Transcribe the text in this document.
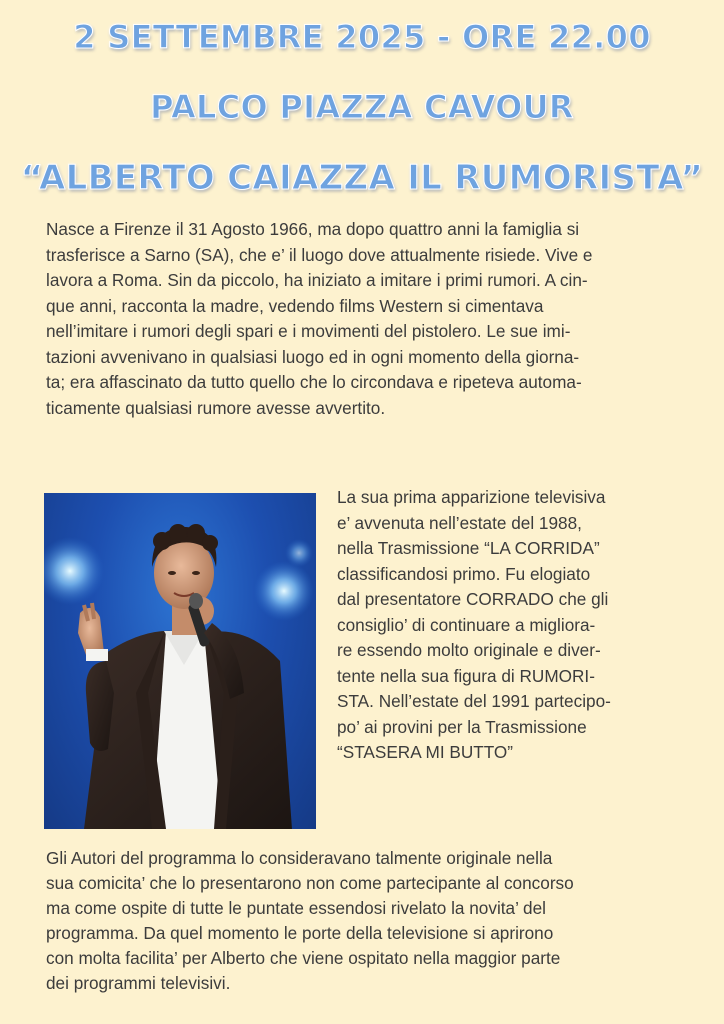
2 SETTEMBRE 2025 - ORE 22.00
PALCO PIAZZA CAVOUR
“ALBERTO CAIAZZA IL RUMORISTA”
Nasce a Firenze il 31 Agosto 1966, ma dopo quattro anni la famiglia si
trasferisce a Sarno (SA), che e’ il luogo dove attualmente risiede. Vive e
lavora a Roma. Sin da piccolo, ha iniziato a imitare i primi rumori. A cin-
que anni, racconta la madre, vedendo films Western si cimentava
nell’imitare i rumori degli spari e i movimenti del pistolero. Le sue imi-
tazioni avvenivano in qualsiasi luogo ed in ogni momento della giorna-
ta; era affascinato da tutto quello che lo circondava e ripeteva automa-
ticamente qualsiasi rumore avesse avvertito.
La sua prima apparizione televisiva
e’ avvenuta nell’estate del 1988,
nella Trasmissione “LA CORRIDA”
classificandosi primo. Fu elogiato
dal presentatore CORRADO che gli
consiglio’ di continuare a migliora-
re essendo molto originale e diver-
tente nella sua figura di RUMORI-
STA. Nell’estate del 1991 partecipo-
po’ ai provini per la Trasmissione
“STASERA MI BUTTO”
Gli Autori del programma lo consideravano talmente originale nella
sua comicita’ che lo presentarono non come partecipante al concorso
ma come ospite di tutte le puntate essendosi rivelato la novita’ del
programma. Da quel momento le porte della televisione si aprirono
con molta facilita’ per Alberto che viene ospitato nella maggior parte
dei programmi televisivi.
